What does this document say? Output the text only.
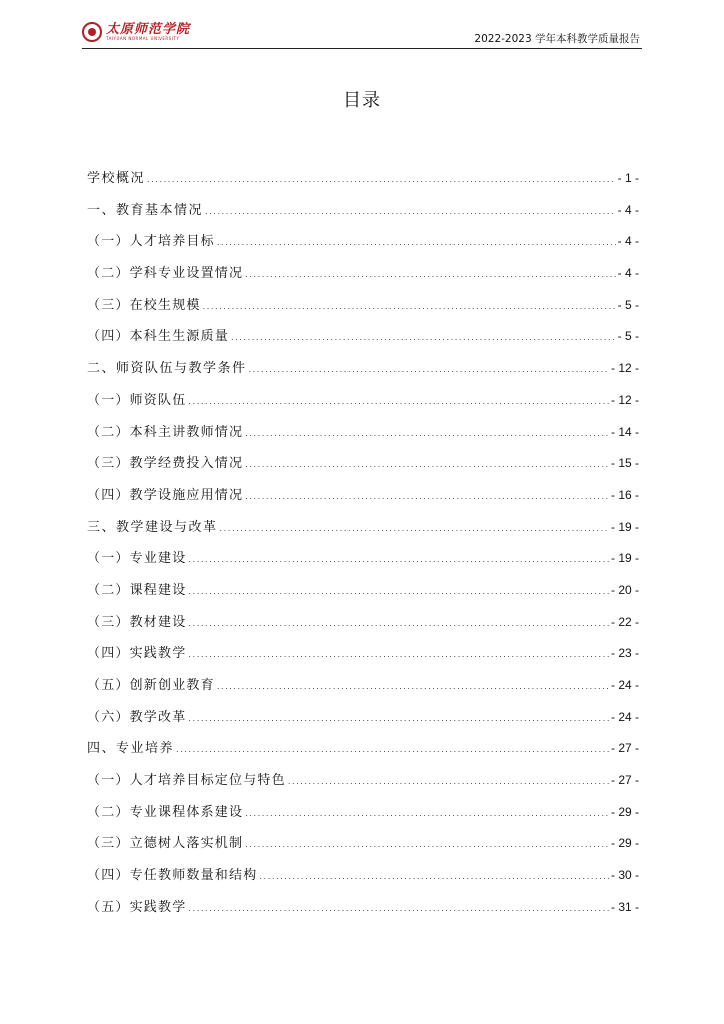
太原师范学院
TAIYUAN NORMAL UNIVERSITY	2022-2023 学年本科教学质量报告
目录
学校概况 .....	- 1 -
一、教育基本情况 .....	- 4 -
（一）人才培养目标 .....	- 4 -
（二）学科专业设置情况 .....	- 4 -
（三）在校生规模 .....	- 5 -
（四）本科生生源质量 .....	- 5 -
二、师资队伍与教学条件 .....	- 12 -
（一）师资队伍 .....	- 12 -
（二）本科主讲教师情况 .....	- 14 -
（三）教学经费投入情况 .....	- 15 -
（四）教学设施应用情况 .....	- 16 -
三、教学建设与改革 .....	- 19 -
（一）专业建设 .....	- 19 -
（二）课程建设 .....	- 20 -
（三）教材建设 .....	- 22 -
（四）实践教学 .....	- 23 -
（五）创新创业教育 .....	- 24 -
（六）教学改革 .....	- 24 -
四、专业培养 .....	- 27 -
（一）人才培养目标定位与特色 .....	- 27 -
（二）专业课程体系建设 .....	- 29 -
（三）立德树人落实机制 .....	- 29 -
（四）专任教师数量和结构 .....	- 30 -
（五）实践教学 .....	- 31 -
